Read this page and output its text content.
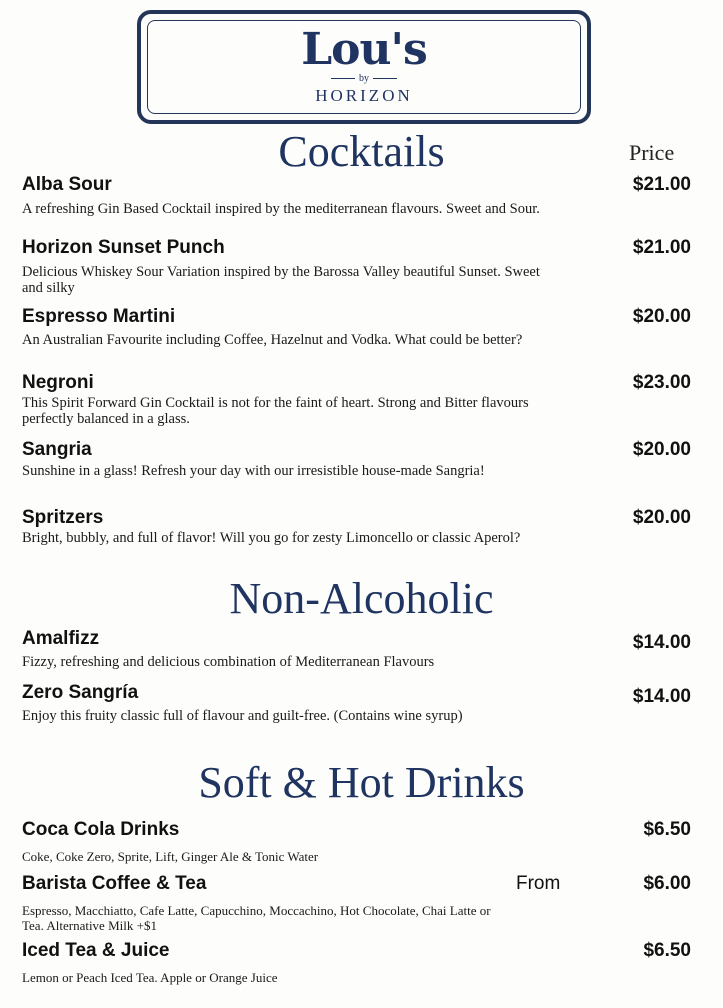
Lou's
by
HORIZON
Cocktails	Price
Alba Sour	$21.00
A refreshing Gin Based Cocktail inspired by the mediterranean flavours. Sweet and Sour.
Horizon Sunset Punch	$21.00
Delicious Whiskey Sour Variation inspired by the Barossa Valley beautiful Sunset. Sweet and silky
Espresso Martini	$20.00
An Australian Favourite including Coffee, Hazelnut and Vodka. What could be better?
Negroni	$23.00
This Spirit Forward Gin Cocktail is not for the faint of heart. Strong and Bitter flavours perfectly balanced in a glass.
Sangria	$20.00
Sunshine in a glass! Refresh your day with our irresistible house-made Sangria!
Spritzers	$20.00
Bright, bubbly, and full of flavor! Will you go for zesty Limoncello or classic Aperol?
Non-Alcoholic
Amalfizz	$14.00
Fizzy, refreshing and delicious combination of Mediterranean Flavours
Zero Sangría	$14.00
Enjoy this fruity classic full of flavour and guilt-free. (Contains wine syrup)
Soft & Hot Drinks
Coca Cola Drinks	$6.50
Coke, Coke Zero, Sprite, Lift, Ginger Ale & Tonic Water
Barista Coffee & Tea	From	$6.00
Espresso, Macchiatto, Cafe Latte, Capucchino, Moccachino, Hot Chocolate, Chai Latte or Tea. Alternative Milk +$1
Iced Tea & Juice	$6.50
Lemon or Peach Iced Tea. Apple or Orange Juice
